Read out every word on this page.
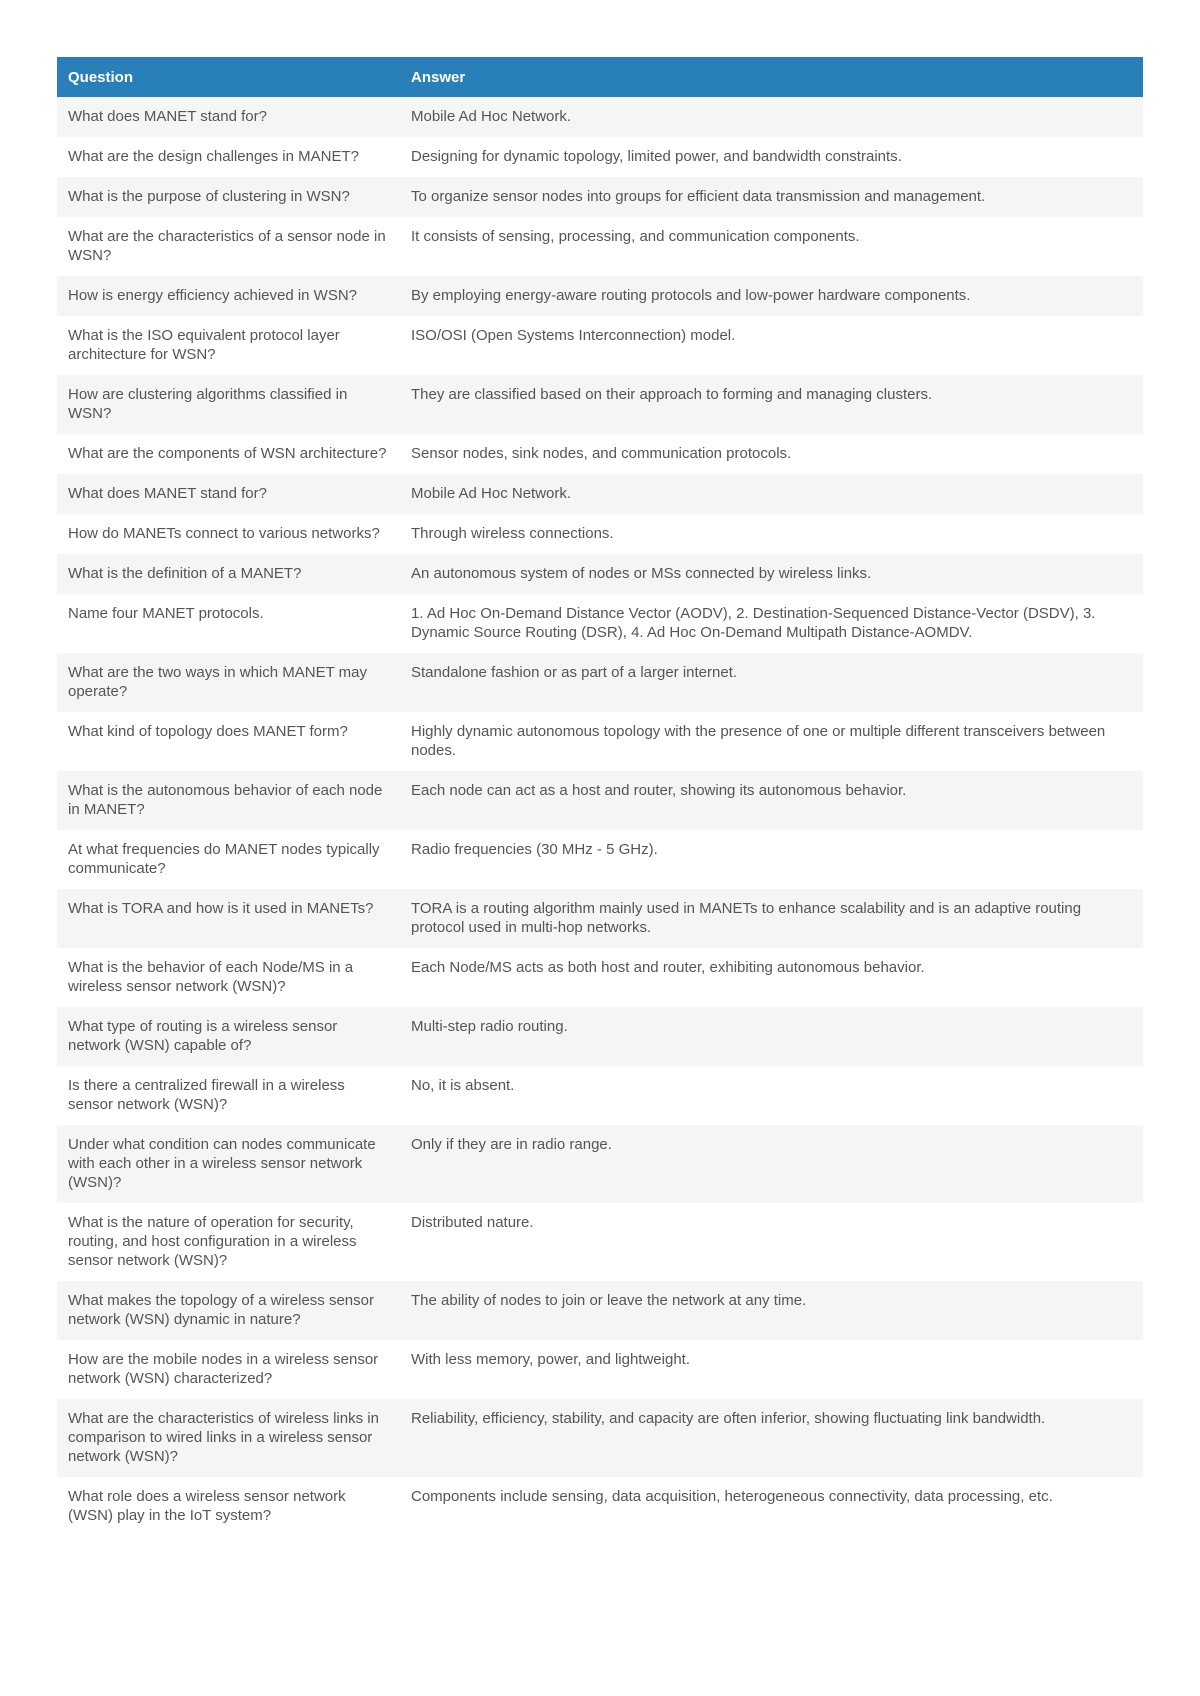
Question	Answer
What does MANET stand for?	Mobile Ad Hoc Network.
What are the design challenges in MANET?	Designing for dynamic topology, limited power, and bandwidth constraints.
What is the purpose of clustering in WSN?	To organize sensor nodes into groups for efficient data transmission and management.
What are the characteristics of a sensor node in WSN?	It consists of sensing, processing, and communication components.
How is energy efficiency achieved in WSN?	By employing energy-aware routing protocols and low-power hardware components.
What is the ISO equivalent protocol layer architecture for WSN?	ISO/OSI (Open Systems Interconnection) model.
How are clustering algorithms classified in WSN?	They are classified based on their approach to forming and managing clusters.
What are the components of WSN architecture?	Sensor nodes, sink nodes, and communication protocols.
What does MANET stand for?	Mobile Ad Hoc Network.
How do MANETs connect to various networks?	Through wireless connections.
What is the definition of a MANET?	An autonomous system of nodes or MSs connected by wireless links.
Name four MANET protocols.	1. Ad Hoc On-Demand Distance Vector (AODV), 2. Destination-Sequenced Distance-Vector (DSDV), 3. Dynamic Source Routing (DSR), 4. Ad Hoc On-Demand Multipath Distance-AOMDV.
What are the two ways in which MANET may operate?	Standalone fashion or as part of a larger internet.
What kind of topology does MANET form?	Highly dynamic autonomous topology with the presence of one or multiple different transceivers between nodes.
What is the autonomous behavior of each node in MANET?	Each node can act as a host and router, showing its autonomous behavior.
At what frequencies do MANET nodes typically communicate?	Radio frequencies (30 MHz - 5 GHz).
What is TORA and how is it used in MANETs?	TORA is a routing algorithm mainly used in MANETs to enhance scalability and is an adaptive routing protocol used in multi-hop networks.
What is the behavior of each Node/MS in a wireless sensor network (WSN)?	Each Node/MS acts as both host and router, exhibiting autonomous behavior.
What type of routing is a wireless sensor network (WSN) capable of?	Multi-step radio routing.
Is there a centralized firewall in a wireless sensor network (WSN)?	No, it is absent.
Under what condition can nodes communicate with each other in a wireless sensor network (WSN)?	Only if they are in radio range.
What is the nature of operation for security, routing, and host configuration in a wireless sensor network (WSN)?	Distributed nature.
What makes the topology of a wireless sensor network (WSN) dynamic in nature?	The ability of nodes to join or leave the network at any time.
How are the mobile nodes in a wireless sensor network (WSN) characterized?	With less memory, power, and lightweight.
What are the characteristics of wireless links in comparison to wired links in a wireless sensor network (WSN)?	Reliability, efficiency, stability, and capacity are often inferior, showing fluctuating link bandwidth.
What role does a wireless sensor network (WSN) play in the IoT system?	Components include sensing, data acquisition, heterogeneous connectivity, data processing, etc.
